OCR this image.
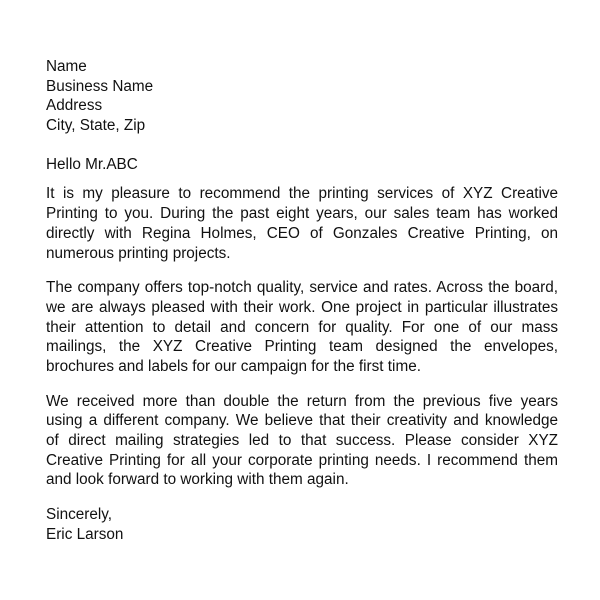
Name
Business Name
Address
City, State, Zip
Hello Mr.ABC
It is my pleasure to recommend the printing services of XYZ Creative
Printing to you. During the past eight years, our sales team has worked
directly with Regina Holmes, CEO of Gonzales Creative Printing, on
numerous printing projects.
The company offers top-notch quality, service and rates. Across the board,
we are always pleased with their work. One project in particular illustrates
their attention to detail and concern for quality. For one of our mass
mailings, the XYZ Creative Printing team designed the envelopes,
brochures and labels for our campaign for the first time.
We received more than double the return from the previous five years
using a different company. We believe that their creativity and knowledge
of direct mailing strategies led to that success. Please consider XYZ
Creative Printing for all your corporate printing needs. I recommend them
and look forward to working with them again.
Sincerely,
Eric Larson
